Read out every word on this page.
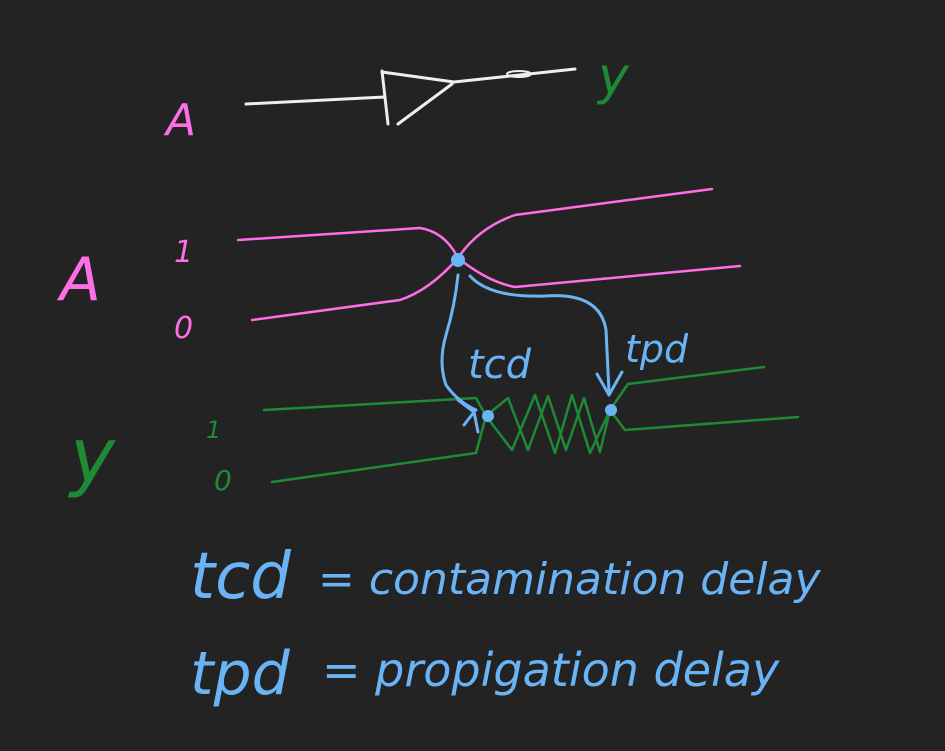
A
y
A 1
0
y	1
0
tcd tpd
tcd = contamination delay
tpd = propigation delay
